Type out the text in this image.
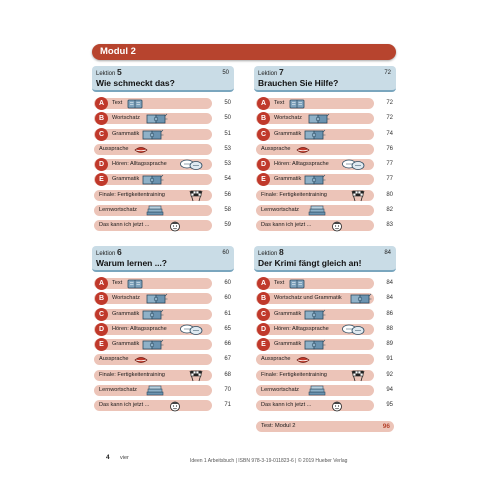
Modul 2
Lektion 5
Wie schmeckt das?
50
A	Text	50
B	Wortschatz	50
C	Grammatik	51
Aussprache	53
D	Hören: Alltagssprache	53
E	Grammatik	54
Finale: Fertigkeitentraining	56
Lernwortschatz	58
Das kann ich jetzt ...	59
Lektion 7
Brauchen Sie Hilfe?
72
A	Text	72
B	Wortschatz	72
C	Grammatik	74
Aussprache	76
D	Hören: Alltagssprache	77
E	Grammatik	77
Finale: Fertigkeitentraining	80
Lernwortschatz	82
Das kann ich jetzt ...	83
Lektion 6
Warum lernen ...?
60
A	Text	60
B	Wortschatz	60
C	Grammatik	61
D	Hören: Alltagssprache	65
E	Grammatik	66
Aussprache	67
Finale: Fertigkeitentraining	68
Lernwortschatz	70
Das kann ich jetzt ...	71
Lektion 8
Der Krimi fängt gleich an!
84
A	Text	84
B	Wortschatz und Grammatik	84
C	Grammatik	86
D	Hören: Alltagssprache	88
E	Grammatik	89
Aussprache	91
Finale: Fertigkeitentraining	92
Lernwortschatz	94
Das kann ich jetzt ...	95
Test: Modul 2	96
4 vier	Ideen 1 Arbeitsbuch | ISBN 978-3-19-011823-6 | © 2019 Hueber Verlag
